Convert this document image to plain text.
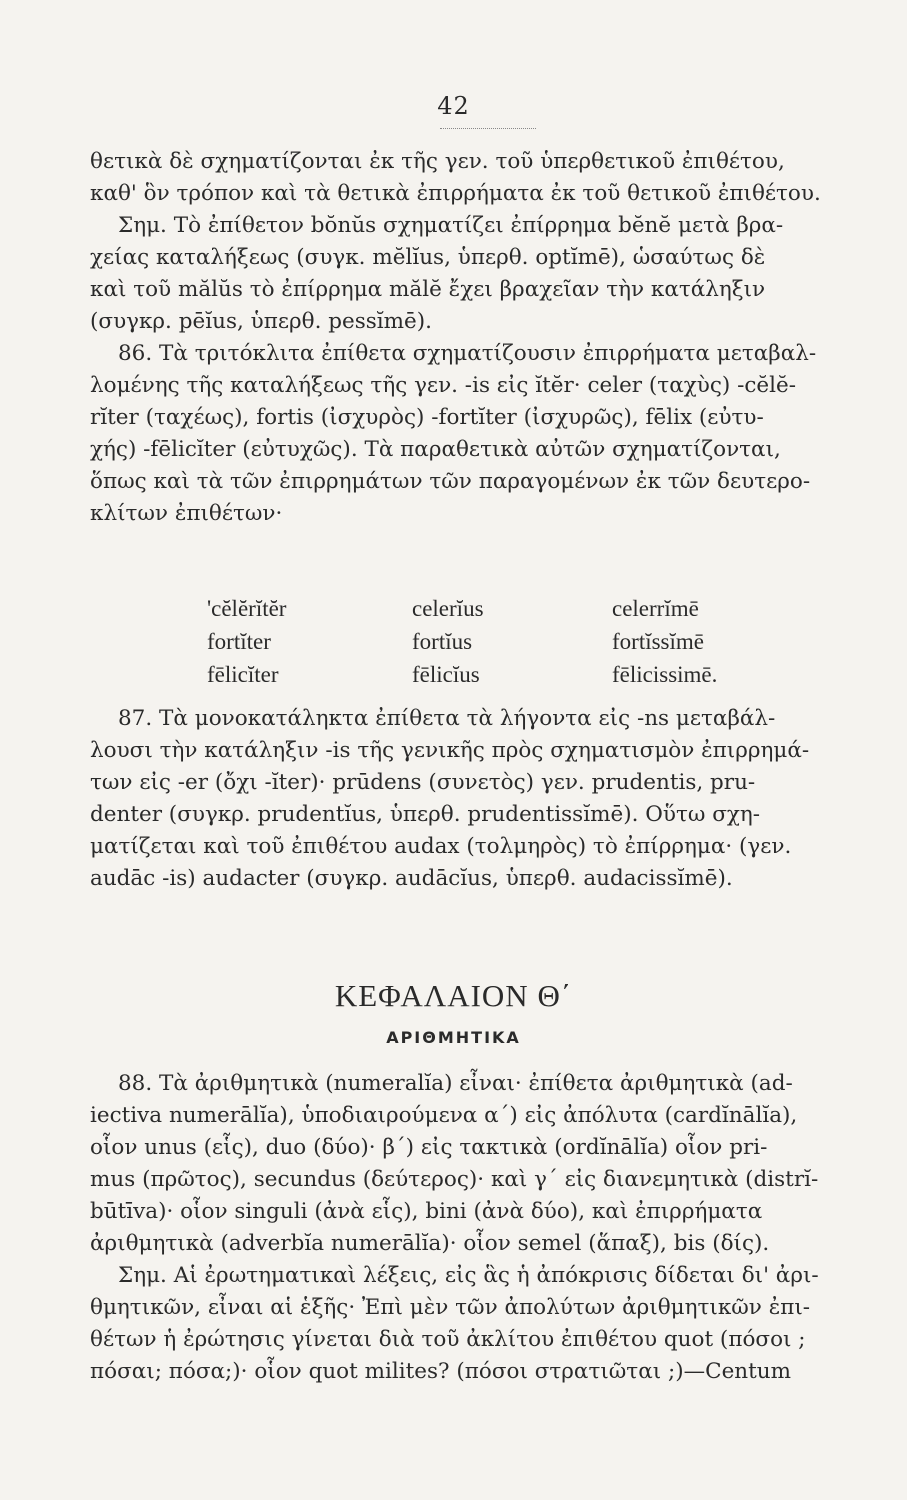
42
θετικὰ δὲ σχηματίζονται ἐκ τῆς γεν. τοῦ ὑπερθετικοῦ ἐπιθέτου,
καθ' ὃν τρόπον καὶ τὰ θετικὰ ἐπιρρήματα ἐκ τοῦ θετικοῦ ἐπιθέτου.
Σημ. Τὸ ἐπίθετον bŏnŭs σχηματίζει ἐπίρρημα bĕnĕ μετὰ βρα-
χείας καταλήξεως (συγκ. mĕlĭus, ὑπερθ. optĭmē), ὡσαύτως δὲ
καὶ τοῦ mălŭs τὸ ἐπίρρημα mălĕ ἔχει βραχεῖαν τὴν κατάληξιν
(συγκρ. pēĭus, ὑπερθ. pessĭmē).
86. Τὰ τριτόκλιτα ἐπίθετα σχηματίζουσιν ἐπιρρήματα μεταβαλ-
λομένης τῆς καταλήξεως τῆς γεν. -is εἰς ĭtĕr· celer (ταχὺς) -cĕlĕ-
rĭter (ταχέως), fortis (ἰσχυρὸς) -fortĭter (ἰσχυρῶς), fēlix (εὐτυ-
χής) -fēlicĭter (εὐτυχῶς). Τὰ παραθετικὰ αὐτῶν σχηματίζονται,
ὅπως καὶ τὰ τῶν ἐπιρρημάτων τῶν παραγομένων ἐκ τῶν δευτερο-
κλίτων ἐπιθέτων·
'cĕlĕrĭtĕr	celerĭus	celerrĭmē
fortĭter	fortĭus	fortĭssĭmē
fēlicĭter	fēlicĭus	fēlicissimē.
87. Τὰ μονοκατάληκτα ἐπίθετα τὰ λήγοντα εἰς -ns μεταβάλ-
λουσι τὴν κατάληξιν -is τῆς γενικῆς πρὸς σχηματισμὸν ἐπιρρημά-
των εἰς -er (ὄχι -ĭter)· prūdens (συνετὸς) γεν. prudentis, pru-
denter (συγκρ. prudentĭus, ὑπερθ. prudentissĭmē). Οὕτω σχη-
ματίζεται καὶ τοῦ ἐπιθέτου audax (τολμηρὸς) τὸ ἐπίρρημα· (γεν.
audāc -is) audacter (συγκρ. audācĭus, ὑπερθ. audacissĭmē).
ΚΕΦΑΛΑΙΟΝ Θ΄
ΑΡΙΘΜΗΤΙΚΑ
88. Τὰ ἀριθμητικὰ (numeralĭa) εἶναι· ἐπίθετα ἀριθμητικὰ (ad-
iectiva numerālĭa), ὑποδιαιρούμενα α΄) εἰς ἀπόλυτα (cardĭnālĭa),
οἷον unus (εἷς), duo (δύο)· β΄) εἰς τακτικὰ (ordĭnālĭa) οἷον pri-
mus (πρῶτος), secundus (δεύτερος)· καὶ γ΄ εἰς διανεμητικὰ (distrĭ-
būtīva)· οἷον singuli (ἀνὰ εἷς), bini (ἀνὰ δύο), καὶ ἐπιρρήματα
ἀριθμητικὰ (adverbĭa numerālĭa)· οἷον semel (ἅπαξ), bis (δίς).
Σημ. Αἱ ἐρωτηματικαὶ λέξεις, εἰς ἃς ἡ ἀπόκρισις δίδεται δι' ἀρι-
θμητικῶν, εἶναι αἱ ἑξῆς· Ἐπὶ μὲν τῶν ἀπολύτων ἀριθμητικῶν ἐπι-
θέτων ἡ ἐρώτησις γίνεται διὰ τοῦ ἀκλίτου ἐπιθέτου quot (πόσοι ;
πόσαι; πόσα;)· οἷον quot milites? (πόσοι στρατιῶται ;)—Centum
